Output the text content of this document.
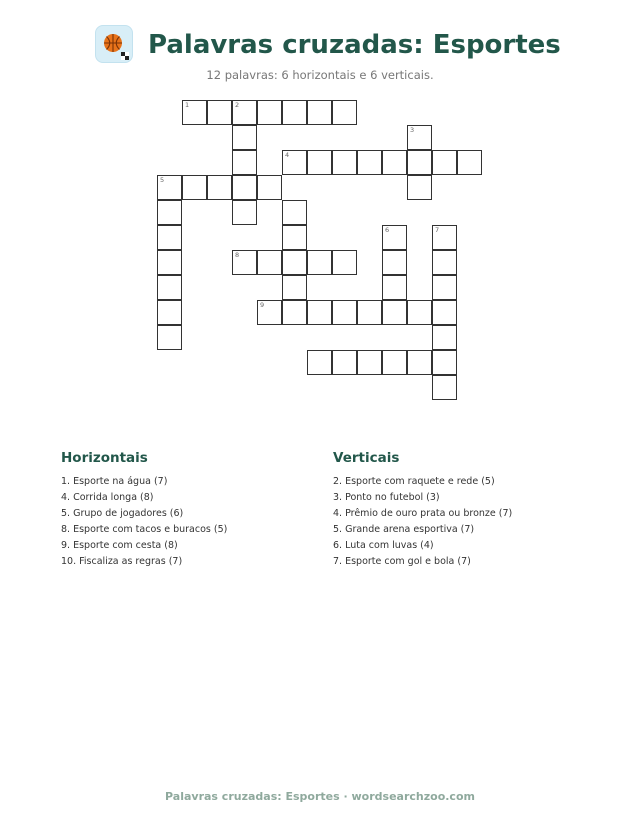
Palavras cruzadas: Esportes
12 palavras: 6 horizontais e 6 verticais.
1	2
3
4
5
8
6	7
9
Horizontais
1. Esporte na água (7)
4. Corrida longa (8)
5. Grupo de jogadores (6)
8. Esporte com tacos e buracos (5)
9. Esporte com cesta (8)
10. Fiscaliza as regras (7)
Verticais
2. Esporte com raquete e rede (5)
3. Ponto no futebol (3)
4. Prêmio de ouro prata ou bronze (7)
5. Grande arena esportiva (7)
6. Luta com luvas (4)
7. Esporte com gol e bola (7)
Palavras cruzadas: Esportes · wordsearchzoo.com
